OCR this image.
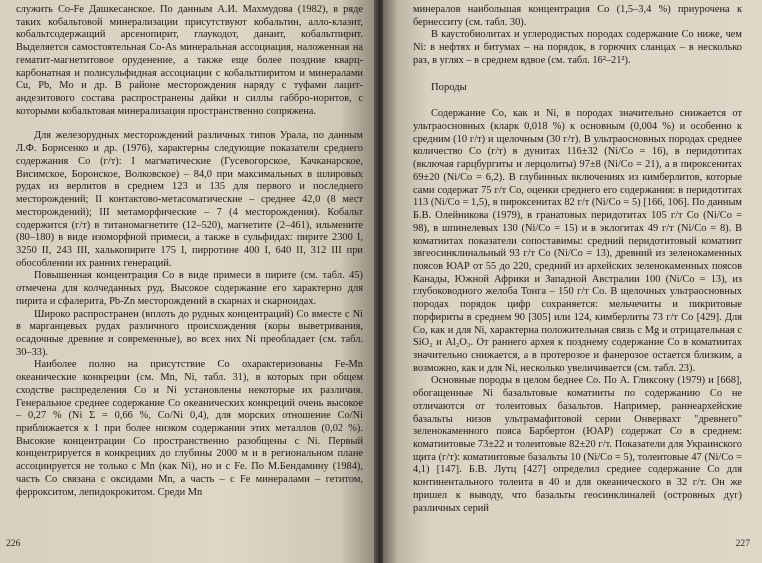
служить Со-Fe Дашкесанское. По данным А.И. Махмудова (1982), в ряде таких кобальтовой минерализации присутствуют кобальтин, алло-клазит, кобальтсодержащий арсенопирит, глаукодот, данаит, кобальтпирит. Выделяется самостоятельная Со-As минеральная ассоциация, наложенная на гематит-магнетитовое оруденение, а также еще более поздние кварц-карбонатная и полисульфидная ассоциации с кобальтпиритом и минералами Cu, Pb, Mo и др. В районе месторождения наряду с туфами лацит-андезитового состава распространены дайки и силлы габбро-норитов, с которыми кобальтовая минерализация пространственно сопряжена.

Для железорудных месторождений различных типов Урала, по данным Л.Ф. Борисенко и др. (1976), характерны следующие показатели среднего содержания Со (г/т): I магматические (Гусевогорское, Качканарское, Висимское, Боронское, Волковское) – 84,0 при максимальных в шлировых рудах из верлитов в среднем 123 и 135 для первого и последнего месторождений; II контактово-метасоматические – среднее 42,0 (8 мест месторождений); III метаморфические – 7 (4 месторождения). Кобальт содержится (г/т) в титаномагнетите (12–520), магнетите (2–461), ильмените (80–180) в виде изоморфной примеси, а также в сульфидах: пирите 2300 I, 3250 II, 243 III, халькопирите 175 I, пирротине 400 I, 640 II, 312 III при обособлении их ранних генераций.

Повышенная концентрация Со в виде примеси в пирите (см. табл. 45) отмечена для колчеданных руд. Высокое содержание его характерно для пирита и сфалерита, Pb-Zn месторождений в скарнах и скарноидах.

Широко распространен (вплоть до рудных концентраций) Со вместе с Ni в марганцевых рудах различного происхождения (коры выветривания, осадочные древние и современные), во всех них Ni преобладает (см. табл. 30–33).

Наиболее полно на присутствие Со охарактеризованы Fe-Mn океанические конкреции (см. Mn, Ni, табл. 31), в которых при общем сходстве распределения Со и Ni установлены некоторые их различия. Генеральное среднее содержание Со океанических конкреций очень высокое – 0,27 % (Ni Σ = 0,66 %, Co/Ni 0,4), для морских отношение Co/Ni приближается к 1 при более низком содержании этих металлов (0,02 %). Высокие концентрации Со пространственно разобщены с Ni. Первый концентрируется в конкрециях до глубины 2000 м и в региональном плане ассоциируется не только с Mn (как Ni), но и с Fe. По М.Бендамину (1984), часть Со связана с оксидами Mn, а часть – с Fe минералами – гетитом, феррокситом, лепидокрокитом. Среди Mn

226

минералов наибольшая концентрация Со (1,5–3,4 %) приурочена к бернесситу (см. табл. 30).

В каустобиолитах и углеродистых породах содержание Со ниже, чем Ni: в нефтях и битумах – на порядок, в горючих сланцах – в несколько раз, в углях – в среднем вдвое (см. табл. 16²–21²).

Породы

Содержание Со, как и Ni, в породах значительно снижается от ультраосновных (кларк 0,018 %) к основным (0,004 %) и особенно к средним (10 г/т) и щелочным (30 г/т). В ультраосновных породах среднее количество Со (г/т) в дунитах 116±32 (Ni/Co = 16), в перидотитах (включая гарцбургиты и лерцолиты) 97±8 (Ni/Co = 21), а в пироксенитах 69±20 (Ni/Co = 6,2). В глубинных включениях из кимберлитов, которые сами содержат 75 г/т Со, оценки среднего его содержания: в перидотитах 113 (Ni/Co = 1,5), в пироксенитах 82 г/т (Ni/Co = 5) [166, 106]. По данным Б.В. Олейникова (1979), в гранатовых перидотитах 105 г/т Со (Ni/Co = 98), в шпинелевых 130 (Ni/Co = 15) и в эклогитах 49 г/т (Ni/Co = 8). В коматиитах показатели сопоставимы: средний перидотитовый коматиит звгеосинклинальный 93 г/т Со (Ni/Co = 13), древний из зеленокаменных поясов ЮАР от 55 до 220, средний из архейских зеленокаменных поясов Канады, Южной Африки и Западной Австралии 100 (Ni/Co = 13), из глубоководного желоба Тонга – 150 г/т Со. В щелочных ультраосновных породах порядок цифр сохраняется: мельчечиты и пикритовые порфириты в среднем 90 [305] или 124, кимберлиты 73 г/т Со [429]. Для Со, как и для Ni, характерна положительная связь с Mg и отрицательная с SiO₂ и Al₂O₃. От раннего архея к позднему содержание Со в коматиитах значительно снижается, а в протерозое и фанерозое остается близким, а возможно, как и для Ni, несколько увеличивается (см. табл. 23).

Основные породы в целом беднее Со. По А. Гликсону (1979) и [668], обогащенные Ni базальтовые коматииты по содержанию Со не отличаются от толеитовых базальтов. Например, раннеархейские базальты низов ультрамафитовой серии Онвервахт "древнего" зеленокаменного пояса Барбертон (ЮАР) содержат Со в среднем: коматиитовые 73±22 и толеитовые 82±20 г/т. Показатели для Украинского щита (г/т): коматиитовые базальты 10 (Ni/Co = 5), толеитовые 47 (Ni/Co = 4,1) [147]. Б.В. Лутц [427] определил среднее содержание Со для континентального толеита в 40 и для океанического в 32 г/т. Он же пришел к выводу, что базальты геосинклиналей (островных дуг) различных серий

227
